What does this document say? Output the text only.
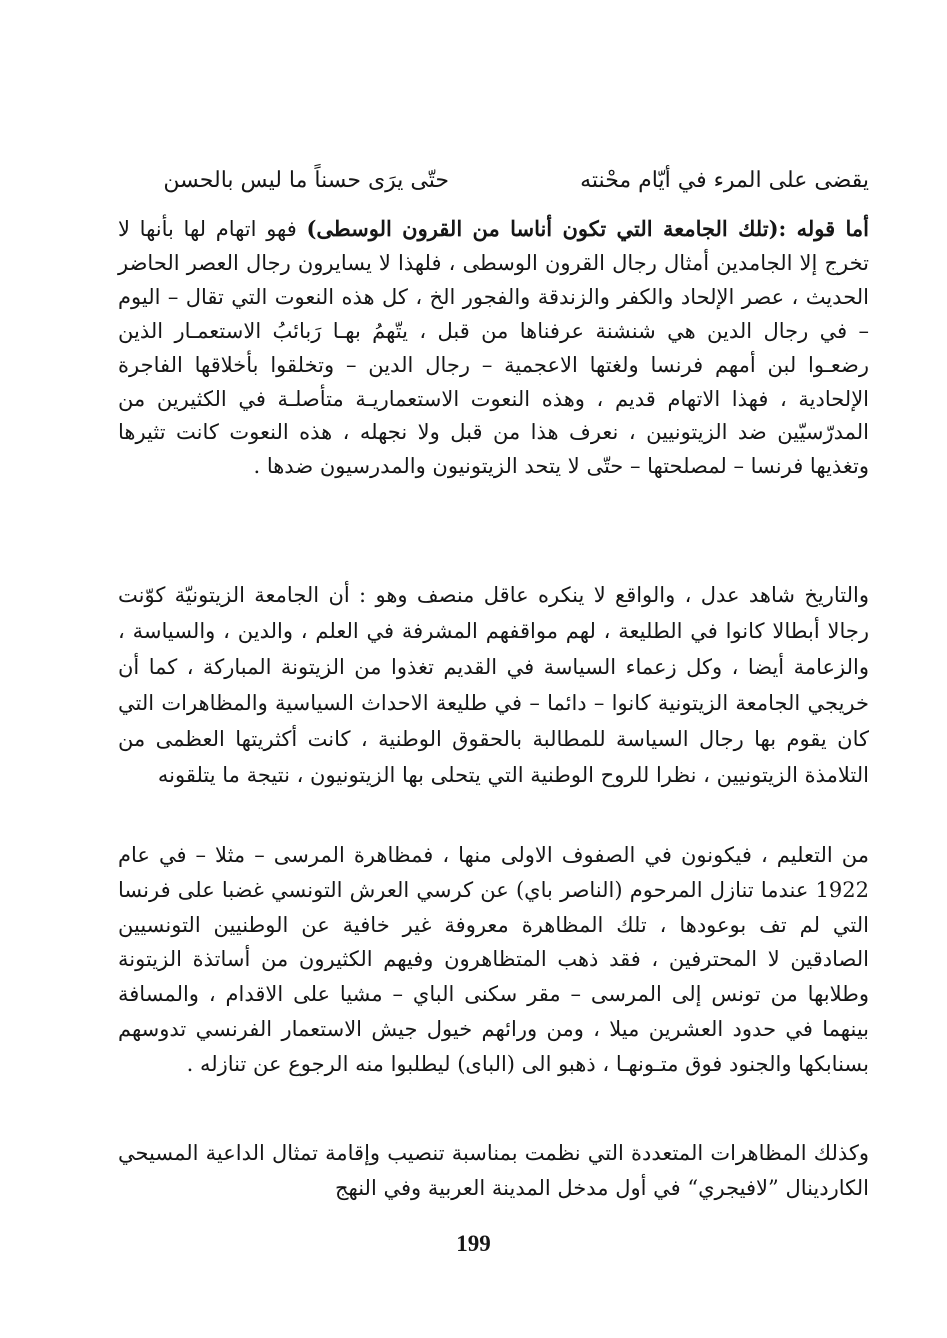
يقضى على المرء في أيّام محْنته
حتّى يرَى حسناً ما ليس بالحسن

أما قوله :(تلك الجامعة التي تكون أناسا من القرون الوسطى) فهو اتهام لها بأنها لا تخرج إلا الجامدين أمثال رجال القرون الوسطى ، فلهذا لا يسايرون رجال العصر الحاضر الحديث ، عصر الإلحاد والكفر والزندقة والفجور الخ ، كل هذه النعوت التي تقال – اليوم – في رجال الدين هي شنشنة عرفناها من قبل ، يتّهمُ بهـا رَبائبُ الاستعمـار الذين رضعـوا لبن أمهم فرنسا ولغتها الاعجمية – رجال الدين – وتخلقوا بأخلاقها الفاجرة الإلحادية ، فهذا الاتهام قديم ، وهذه النعوت الاستعماريـة متأصلـة في الكثيرين من المدرّسيّين ضد الزيتونيين ، نعرف هذا من قبل ولا نجهله ، هذه النعوت كانت تثيرها وتغذيها فرنسا – لمصلحتها – حتّى لا يتحد الزيتونيون والمدرسيون ضدها .

والتاريخ شاهد عدل ، والواقع لا ينكره عاقل منصف وهو : أن الجامعة الزيتونيّة كوّنت رجالا أبطالا كانوا في الطليعة ، لهم مواقفهم المشرفة في العلم ، والدين ، والسياسة ، والزعامة أيضا ، وكل زعماء السياسة في القديم تغذوا من الزيتونة المباركة ، كما أن خريجي الجامعة الزيتونية كانوا – دائما – في طليعة الاحداث السياسية والمظاهرات التي كان يقوم بها رجال السياسة للمطالبة بالحقوق الوطنية ، كانت أكثريتها العظمى من التلامذة الزيتونيين ، نظرا للروح الوطنية التي يتحلى بها الزيتونيون ، نتيجة ما يتلقونه

من التعليم ، فيكونون في الصفوف الاولى منها ، فمظاهرة المرسى – مثلا – في عام 1922 عندما تنازل المرحوم (الناصر باي) عن كرسي العرش التونسي غضبا على فرنسا التي لم تف بوعودها ، تلك المظاهرة معروفة غير خافية عن الوطنيين التونسيين الصادقين لا المحترفين ، فقد ذهب المتظاهرون وفيهم الكثيرون من أساتذة الزيتونة وطلابها من تونس إلى المرسى – مقر سكنى الباي – مشيا على الاقدام ، والمسافة بينهما في حدود العشرين ميلا ، ومن ورائهم خيول جيش الاستعمار الفرنسي تدوسهم بسنابكها والجنود فوق متـونهـا ، ذهبو الى (الباى) ليطلبوا منه الرجوع عن تنازله .

وكذلك المظاهرات المتعددة التي نظمت بمناسبة تنصيب وإقامة تمثال الداعية المسيحي الكاردينال ”لافيجري“ في أول مدخل المدينة العربية وفي النهج

199
